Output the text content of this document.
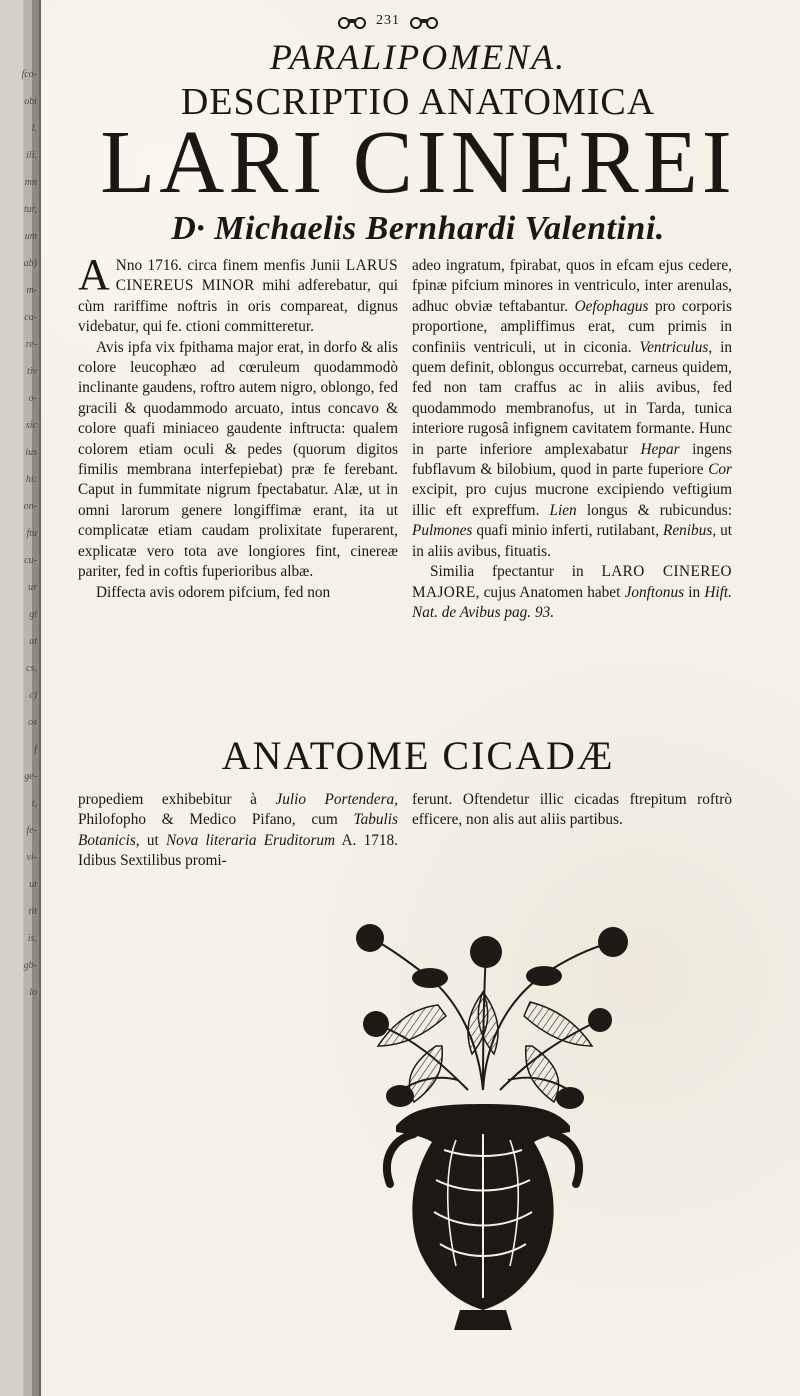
fco-
obi
l.
ili.
mn
tur,
um
ab)
m-
ca-
re-
tiv
o-
sic
ius
hi:
on-
ftu
cu-
ur
gi
at
cs,
c)
os
f
ge-
t,
fe-
vi-
ut
tit
is,
gb-
lo
231
PARALIPOMENA.
DESCRIPTIO ANATOMICA
LARI CINEREI
D· Michaelis Bernhardi Valentini.

A Nno 1716. circa finem menfis Junii LARUS CINEREUS MINOR mihi adferebatur, qui cùm rariffime noftris in oris compareat, dignus videbatur, qui fe. ctioni committeretur.

Avis ipfa vix fpithama major erat, in dorfo & alis colore leucophæo ad cœruleum quodammodò inclinante gaudens, roftro autem nigro, oblongo, fed gracili & quodammodo arcuato, intus concavo & colore quafi miniaceo gaudente inftructa: qualem colorem etiam oculi & pedes (quorum digitos fimilis membrana interfepiebat) præ fe ferebant. Caput in fummitate nigrum fpectabatur. Alæ, ut in omni larorum genere longiffimæ erant, ita ut complicatæ etiam caudam prolixitate fuperarent, explicatæ vero tota ave longiores fint, cinereæ pariter, fed in coftis fuperioribus albæ.

Diffecta avis odorem pifcium, fed non

adeo ingratum, fpirabat, quos in efcam ejus cedere, fpinæ pifcium minores in ventriculo, inter arenulas, adhuc obviæ teftabantur. Oefophagus pro corporis proportione, ampliffimus erat, cum primis in confiniis ventriculi, ut in ciconia. Ventriculus, in quem definit, oblongus occurrebat, carneus quidem, fed non tam craffus ac in aliis avibus, fed quodammodo membranofus, ut in Tarda, tunica interiore rugosâ infignem cavitatem formante. Hunc in parte inferiore amplexabatur Hepar ingens fubflavum & bilobium, quod in parte fuperiore Cor excipit, pro cujus mucrone excipiendo veftigium illic eft expreffum. Lien longus & rubicundus: Pulmones quafi minio inferti, rutilabant, Renibus, ut in aliis avibus, fituatis.

Similia fpectantur in LARO CINEREO MAJORE, cujus Anatomen habet Jonftonus in Hift. Nat. de Avibus pag. 93.

ANATOME CICADÆ
propediem exhibebitur à Julio Portendera, Philofopho & Medico Pifano, cum Tabulis Botanicis, ut Nova literaria Eruditorum A. 1718. Idibus Sextilibus promi-
ferunt. Oftendetur illic cicadas ftrepitum roftrò efficere, non alis aut aliis partibus.
